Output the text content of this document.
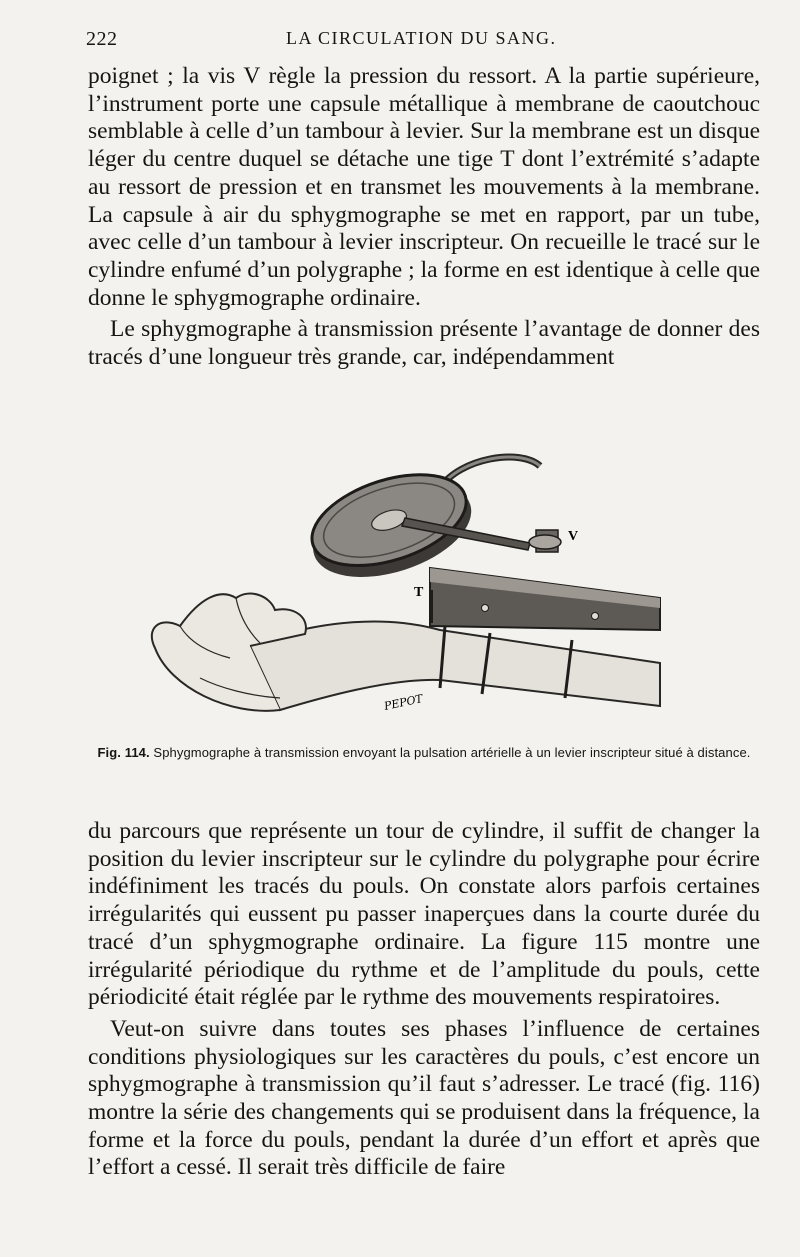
222	LA CIRCULATION DU SANG.

poignet ; la vis V règle la pression du ressort. A la partie supérieure, l’instrument porte une capsule métallique à membrane de caoutchouc semblable à celle d’un tambour à levier. Sur la membrane est un disque léger du centre duquel se détache une tige T dont l’extrémité s’adapte au ressort de pression et en transmet les mouvements à la membrane. La capsule à air du sphygmographe se met en rapport, par un tube, avec celle d’un tambour à levier inscripteur. On recueille le tracé sur le cylindre enfumé d’un polygraphe ; la forme en est identique à celle que donne le sphygmographe ordinaire.

Le sphygmographe à transmission présente l’avantage de donner des tracés d’une longueur très grande, car, indépendamment

V
T
PEPOT
Fig. 114. Sphygmographe à transmission envoyant la pulsation artérielle à un levier inscripteur situé à distance.

du parcours que représente un tour de cylindre, il suffit de changer la position du levier inscripteur sur le cylindre du polygraphe pour écrire indéfiniment les tracés du pouls. On constate alors parfois certaines irrégularités qui eussent pu passer inaperçues dans la courte durée du tracé d’un sphygmographe ordinaire. La figure 115 montre une irrégularité périodique du rythme et de l’amplitude du pouls, cette périodicité était réglée par le rythme des mouvements respiratoires.

Veut-on suivre dans toutes ses phases l’influence de certaines conditions physiologiques sur les caractères du pouls, c’est encore un sphygmographe à transmission qu’il faut s’adresser. Le tracé (fig. 116) montre la série des changements qui se produisent dans la fréquence, la forme et la force du pouls, pendant la durée d’un effort et après que l’effort a cessé. Il serait très difficile de faire
